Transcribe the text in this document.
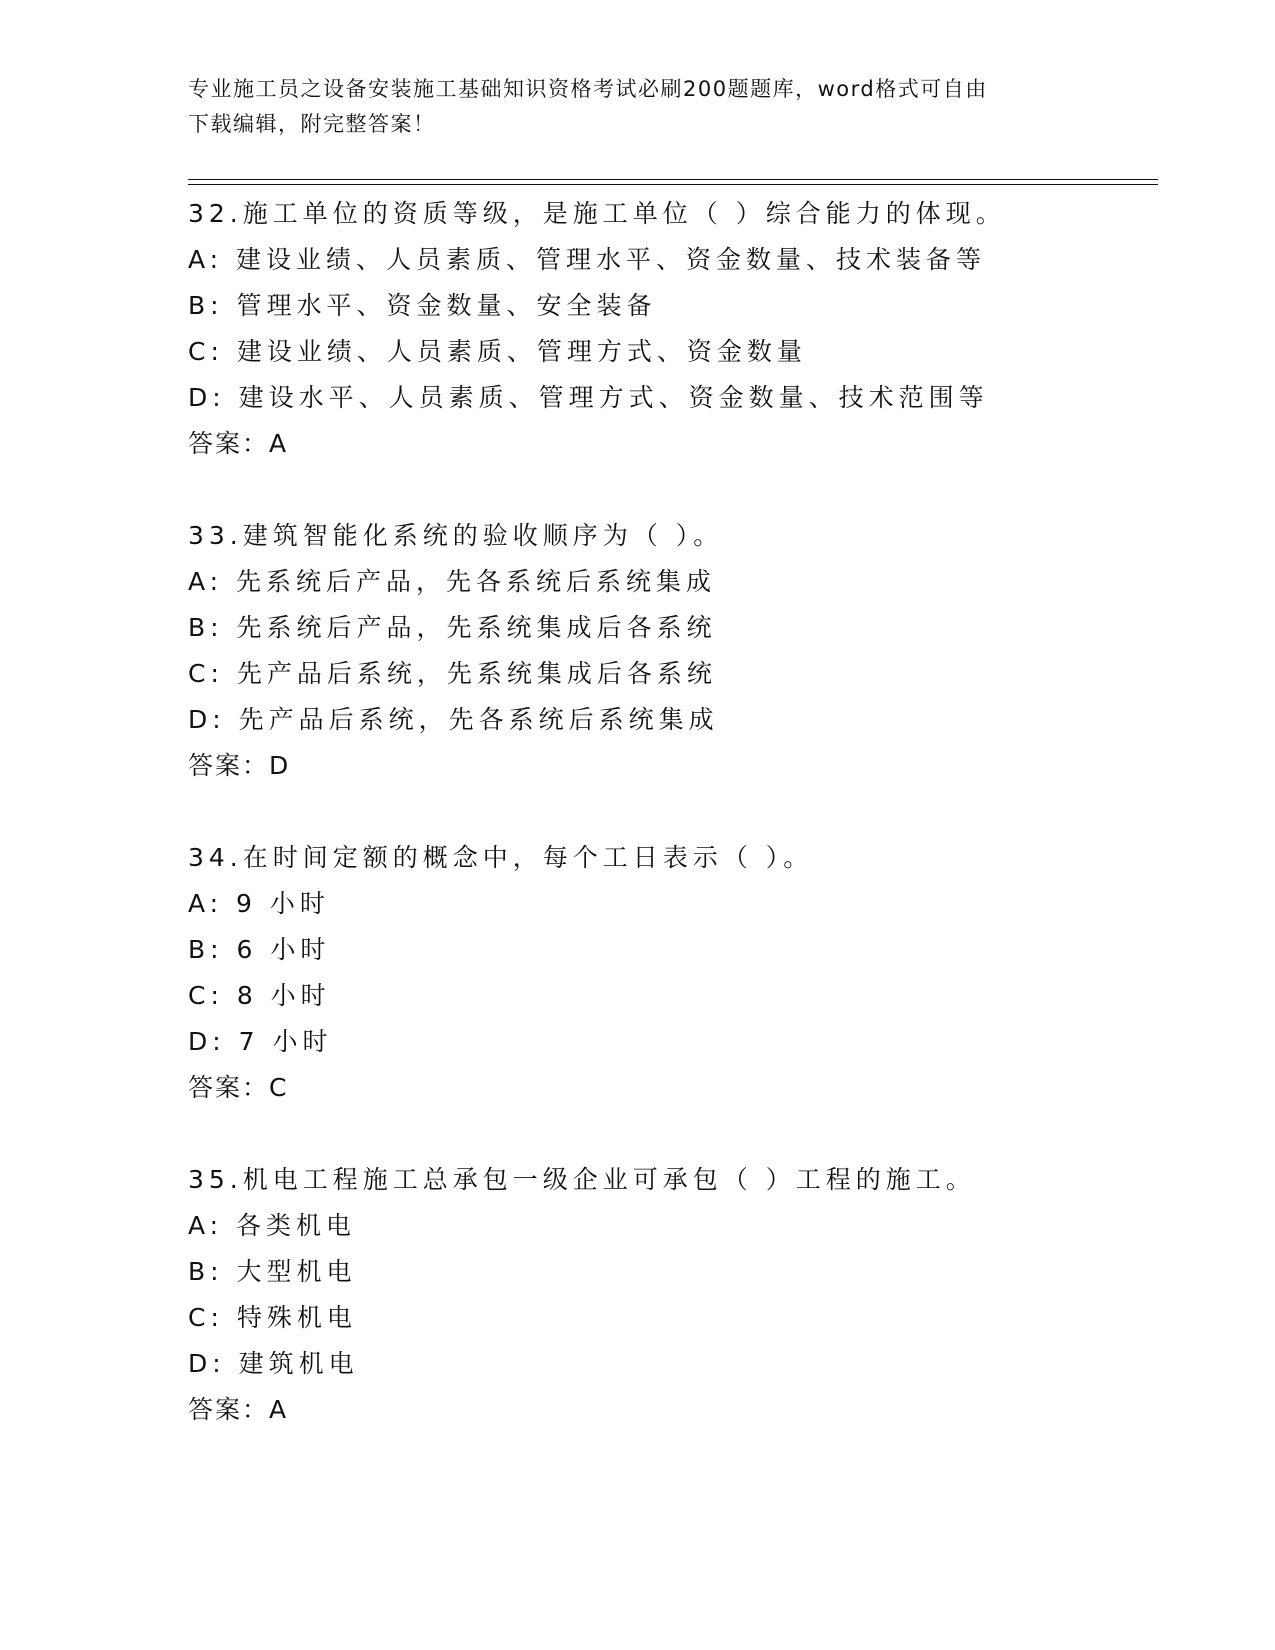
专业施工员之设备安装施工基础知识资格考试必刷200题题库，word格式可自由
下载编辑，附完整答案！
32.施工单位的资质等级，是施工单位（ ）综合能力的体现。
A: 建设业绩、人员素质、管理水平、资金数量、技术装备等
B: 管理水平、资金数量、安全装备
C: 建设业绩、人员素质、管理方式、资金数量
D: 建设水平、人员素质、管理方式、资金数量、技术范围等
答案：A
33.建筑智能化系统的验收顺序为（ ）。
A: 先系统后产品，先各系统后系统集成
B: 先系统后产品，先系统集成后各系统
C: 先产品后系统，先系统集成后各系统
D: 先产品后系统，先各系统后系统集成
答案：D
34.在时间定额的概念中，每个工日表示（ ）。
A: 9 小时
B: 6 小时
C: 8 小时
D: 7 小时
答案：C
35.机电工程施工总承包一级企业可承包（ ）工程的施工。
A: 各类机电
B: 大型机电
C: 特殊机电
D: 建筑机电
答案：A
